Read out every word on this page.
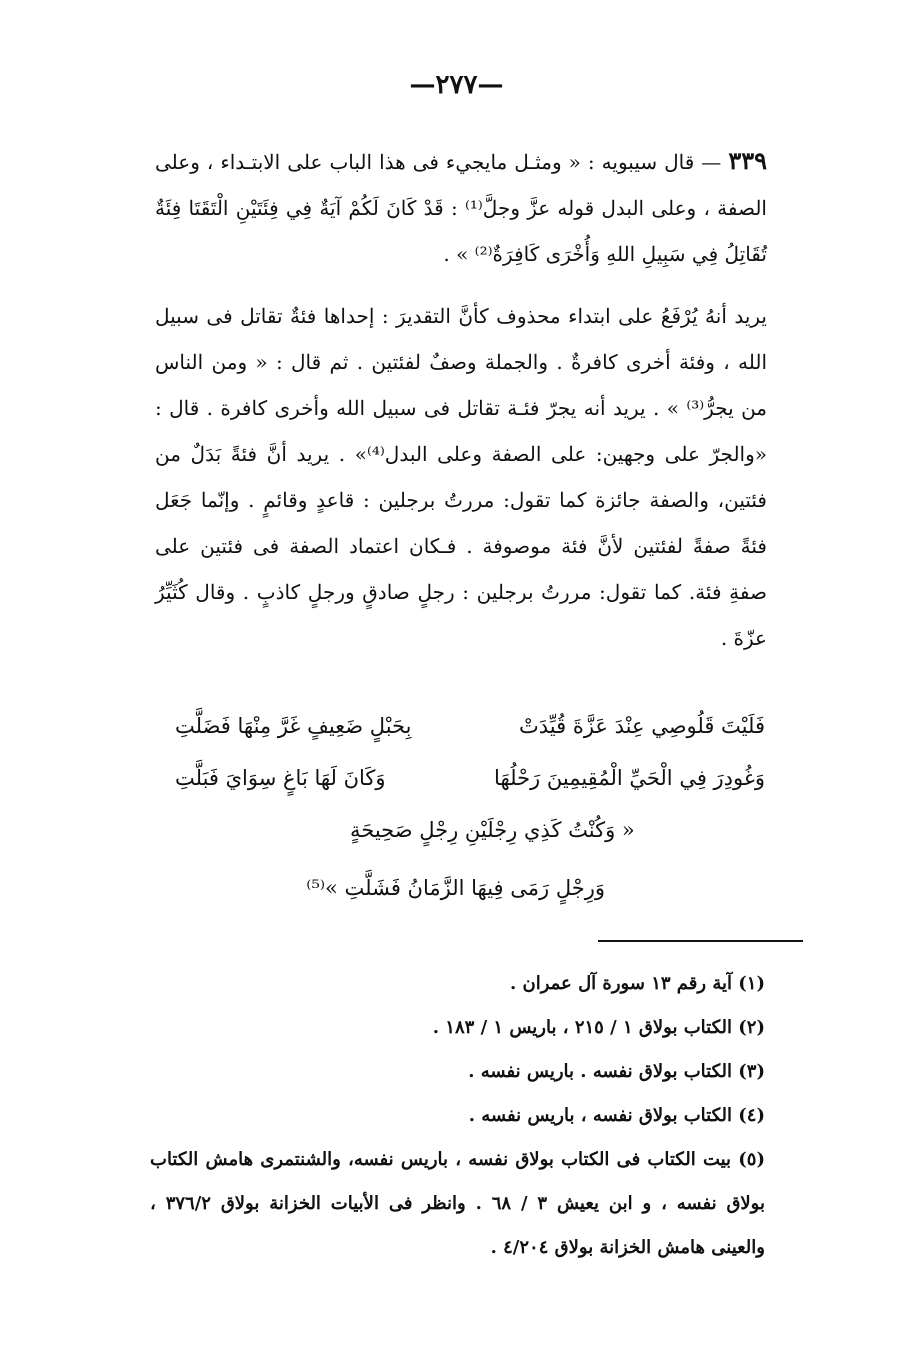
—٢٧٧—

٣٣٩ — قال سيبويه : « ومثـل مايجيء فى هذا الباب على الابتـداء ، وعلى الصفة ، وعلى البدل قوله عزَّ وجلَّ⁽¹⁾ : قَدْ كَانَ لَكُمْ آيَةٌ فِي فِئَتَيْنِ الْتَقَتَا فِئَةٌ تُقَاتِلُ فِي سَبِيلِ اللهِ وَأُخْرَى كَافِرَةٌ⁽²⁾ » .

يريد أنهُ يُرْفَعُ على ابتداء محذوف كأنَّ التقديرَ : إحداها فئةٌ تقاتل فى سبيل الله ، وفئة أخرى كافرةٌ . والجملة وصفٌ لفئتين . ثم قال : « ومن الناس من يجرُّ⁽³⁾ » . يريد أنه يجرّ فئـة تقاتل فى سبيل الله وأخرى كافرة . قال : «والجرّ على وجهين: على الصفة وعلى البدل⁽⁴⁾» . يريد أنَّ فئةً بَدَلٌ من فئتين، والصفة جائزة كما تقول: مررتُ برجلين : قاعدٍ وقائمٍ . وإنّما جَعَل فئةً صفةً لفئتين لأنَّ فئة موصوفة . فـكان اعتماد الصفة فى فئتين على صفةِ فئة. كما تقول: مررتُ برجلين : رجلٍ صادقٍ ورجلٍ كاذبٍ . وقال كُثَيِّرُ عزّةَ .

فَلَيْتَ قَلُوصِي عِنْدَ عَزَّةَ قُيِّدَتْ
بِحَبْلٍ ضَعِيفٍ غَرَّ مِنْهَا فَضَلَّتِ
وَغُودِرَ فِي الْحَيِّ الْمُقِيمِينَ رَحْلُهَا
وَكَانَ لَهَا بَاغٍ سِوَايَ فَبَلَّتِ
« وَكُنْتُ كَذِي رِجْلَيْنِ رِجْلٍ صَحِيحَةٍ
وَرِجْلٍ رَمَى فِيهَا الزَّمَانُ فَشَلَّتِ »⁽⁵⁾

(١) آية رقم ١٣ سورة آل عمران .

(٢) الكتاب بولاق ١ / ٢١٥ ، باريس ١ / ١٨٣ .

(٣) الكتاب بولاق نفسه . باريس نفسه .

(٤) الكتاب بولاق نفسه ، باريس نفسه .

(٥) بيت الكتاب فى الكتاب بولاق نفسه ، باريس نفسه، والشنتمرى هامش الكتاب بولاق نفسه ، و ابن يعيش ٣ / ٦٨ . وانظر فى الأبيات الخزانة بولاق ٣٧٦/٢ ، والعينى هامش الخزانة بولاق ٤/٢٠٤ .
